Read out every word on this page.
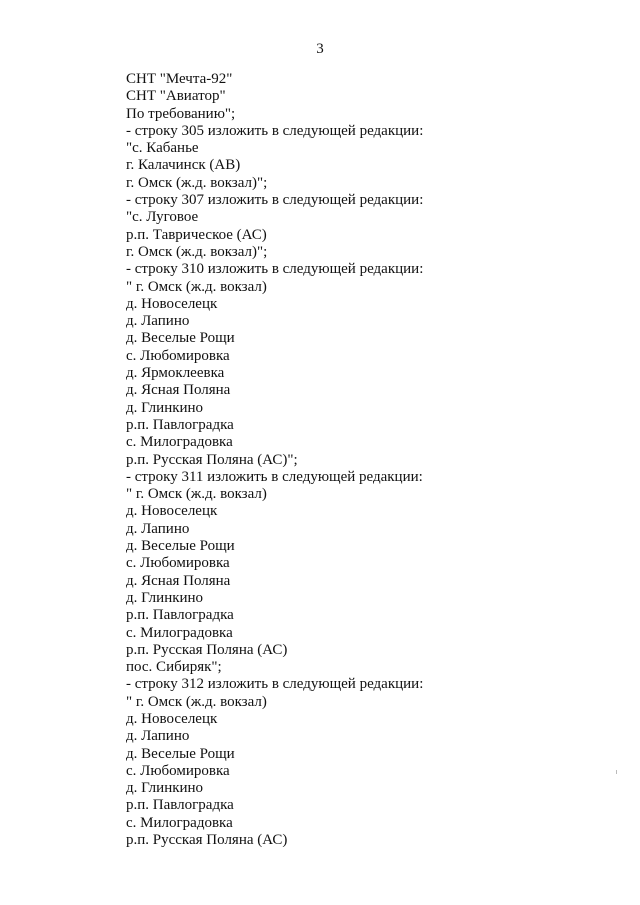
3
СНТ "Мечта-92"
СНТ "Авиатор"
По требованию";
- строку 305 изложить в следующей редакции:
"с. Кабанье
г. Калачинск (АВ)
г. Омск (ж.д. вокзал)";
- строку 307 изложить в следующей редакции:
"с. Луговое
р.п. Таврическое (АС)
г. Омск (ж.д. вокзал)";
- строку 310 изложить в следующей редакции:
" г. Омск (ж.д. вокзал)
д. Новоселецк
д. Лапино
д. Веселые Рощи
с. Любомировка
д. Ярмоклеевка
д. Ясная Поляна
д. Глинкино
р.п. Павлоградка
с. Милоградовка
р.п. Русская Поляна (АС)";
- строку 311 изложить в следующей редакции:
" г. Омск (ж.д. вокзал)
д. Новоселецк
д. Лапино
д. Веселые Рощи
с. Любомировка
д. Ясная Поляна
д. Глинкино
р.п. Павлоградка
с. Милоградовка
р.п. Русская Поляна (АС)
пос. Сибиряк";
- строку 312 изложить в следующей редакции:
" г. Омск (ж.д. вокзал)
д. Новоселецк
д. Лапино
д. Веселые Рощи
с. Любомировка
д. Глинкино
р.п. Павлоградка
с. Милоградовка
р.п. Русская Поляна (АС)
